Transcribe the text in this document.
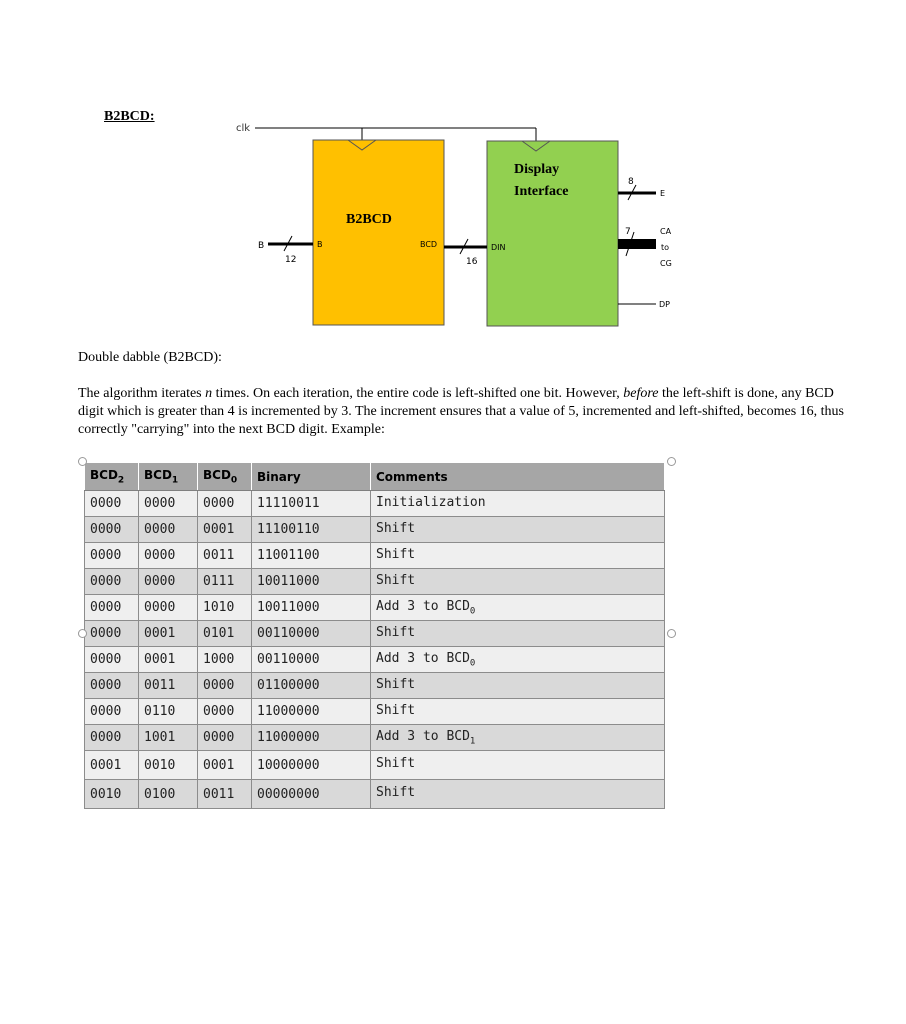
B2BCD:
clk
B2BCD
Display
Interface
B
12
B	BCD
16
DIN
8
E
7	CA
to
CG
DP
Double dabble (B2BCD):
The algorithm iterates n times. On each iteration, the entire code is left-shifted one bit. However, before the left-shift is done, any BCD digit which is greater than 4 is incremented by 3. The increment ensures that a value of 5, incremented and left-shifted, becomes 16, thus correctly "carrying" into the next BCD digit. Example:
$BCD_2$	$BCD_1$	$BCD_0$	Binary	Comments
0000	0000	0000	11110011	Initialization
0000	0000	0001	11100110	Shift
0000	0000	0011	11001100	Shift
0000	0000	0111	10011000	Shift
0000	0000	1010	10011000	Add 3 to $BCD_0$
0000	0001	0101	00110000	Shift
0000	0001	1000	00110000	Add 3 to $BCD_0$
0000	0011	0000	01100000	Shift
0000	0110	0000	11000000	Shift
0000	1001	0000	11000000	Add 3 to $BCD_1$
0001	0010	0001	10000000	Shift
0010	0100	0011	00000000	Shift
